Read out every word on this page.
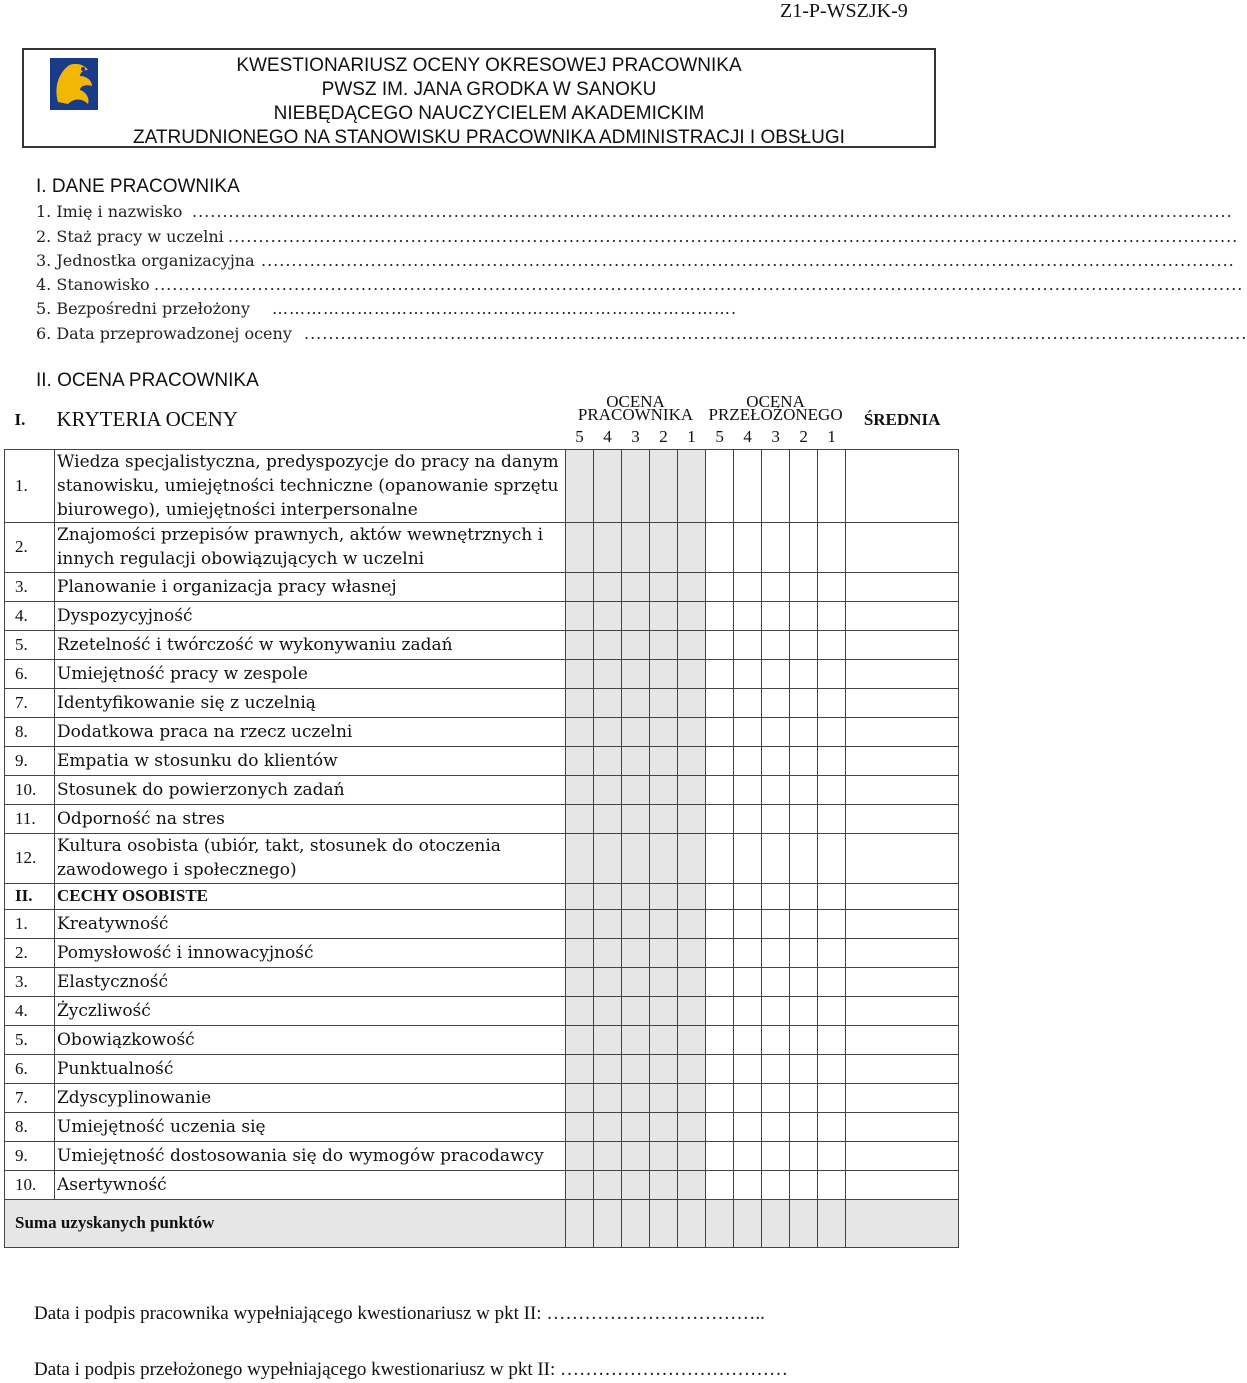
Z1-P-WSZJK-9
KWESTIONARIUSZ OCENY OKRESOWEJ PRACOWNIKA
PWSZ IM. JANA GRODKA W SANOKU
NIEBĘDĄCEGO NAUCZYCIELEM AKADEMICKIM
ZATRUDNIONEGO NA STANOWISKU PRACOWNIKA ADMINISTRACJI I OBSŁUGI
I. DANE PRACOWNIKA
1. Imię i nazwisko ...........................................................................................................................................................................
2. Staż pracy w uczelni ......................................................................................................................................................................
3. Jednostka organizacyjna ................................................................................................................................................................
4. Stanowisko ...................................................................................................................................................................................
5. Bezpośredni przełożony ……………………………………………………………………….
6. Data przeprowadzonej oceny ...........................................................................................................................................................
II. OCENA PRACOWNIKA
I.	KRYTERIA OCENY	OCENA PRACOWNIKA					OCENA PRZEŁOŻONEGO					ŚREDNIA
		5	4	3	2	1	5	4	3	2	1	
1.	Wiedza specjalistyczna, predyspozycje do pracy na danym stanowisku, umiejętności techniczne (opanowanie sprzętu biurowego), umiejętności interpersonalne											
2.	Znajomości przepisów prawnych, aktów wewnętrznych i innych regulacji obowiązujących w uczelni											
3.	Planowanie i organizacja pracy własnej											
4.	Dyspozycyjność											
5.	Rzetelność i twórczość w wykonywaniu zadań											
6.	Umiejętność pracy w zespole											
7.	Identyfikowanie się z uczelnią											
8.	Dodatkowa praca na rzecz uczelni											
9.	Empatia w stosunku do klientów											
10.	Stosunek do powierzonych zadań											
11.	Odporność na stres											
12.	Kultura osobista (ubiór, takt, stosunek do otoczenia zawodowego i społecznego)											
II.	CECHY OSOBISTE											
1.	Kreatywność											
2.	Pomysłowość i innowacyjność											
3.	Elastyczność											
4.	Życzliwość											
5.	Obowiązkowość											
6.	Punktualność											
7.	Zdyscyplinowanie											
8.	Umiejętność uczenia się											
9.	Umiejętność dostosowania się do wymogów pracodawcy											
10.	Asertywność											
Suma uzyskanych punktów												
Data i podpis pracownika wypełniającego kwestionariusz w pkt II: ……………………………..
Data i podpis przełożonego wypełniającego kwestionariusz w pkt II: ………………………………
